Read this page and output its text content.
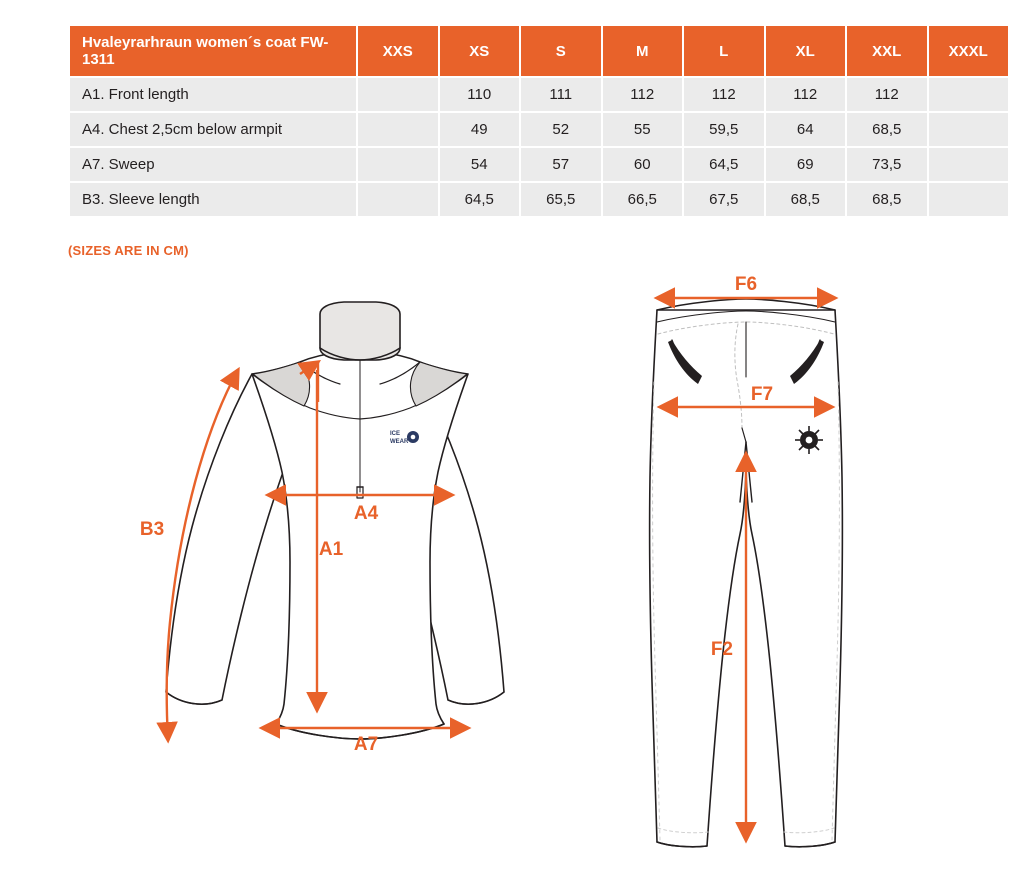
Hvaleyrarhraun women´s coat FW-1311	XXS	XS	S	M	L	XL	XXL	XXXL
A1. Front length		110	111	112	112	112	112	
A4. Chest 2,5cm below armpit		49	52	55	59,5	64	68,5	
A7. Sweep		54	57	60	64,5	69	73,5	
B3. Sleeve length		64,5	65,5	66,5	67,5	68,5	68,5	
(SIZES ARE IN CM)
ICE
WEAR
B3
A4
A1
A7
F6
F7
F2
